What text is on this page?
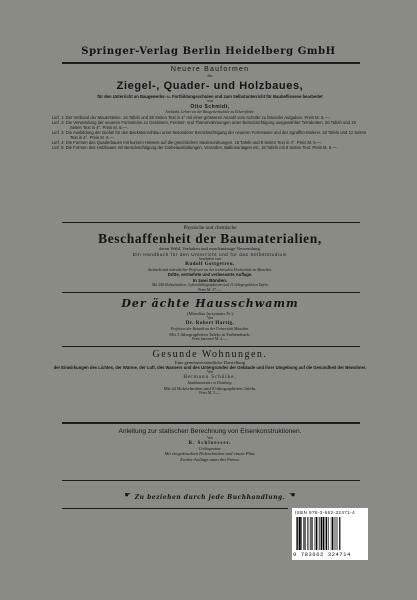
Springer-Verlag Berlin Heidelberg GmbH
Neuere Bauformen
des
Ziegel-, Quader- und Holzbaues,
für den Unterricht an Baugewerks- u. Fortbildungsschulen und zum Selbstunterricht für Baubeflissene bearbeitet
von
Otto Schmidt,
Architekt, Lehrer an der Baugewerkschule zu Eckernförde.
Lief. 1: Der Verband der Mauersteine. 16 Tafeln und 28 Seiten Text in 4° mit einer grösseren Anzahl vom Schüler zu lösender Aufgaben. Preis M. 5.—.
Lief. 2: Die Verwendung der neueren Formsteine zu Gesimsen, Fenster- und Thürumrahmungen unter Berücksichtigung ausgewählter Terrakotten. 20 Tafeln und 19 Seiten Text in 4°. Preis M. 6.—.
Lief. 3: Die Ausbildung der Giebel für den Backsteinrohbau unter besonderer Berücksichtigung der neueren Formsteine und der Sgraffito-Malerei. 18 Tafeln und 12 Seiten Text in 4°. Preis M. 6.—.
Lief. 4: Die Formen des Quaderbaues mit kurzem Hinweis auf die griechischen Säulenordnungen. 18 Tafeln und 8 Seiten Text in 4°. Preis M. 6.—.
Lief. 5: Die Formen des Holzbaues mit Berücksichtigung der Giebelausbildungen, Veranden, Balkonanlagen etc. 18 Tafeln mit 8 Seiten Text. Preis M. 6.—.
Physische und chemische
Beschaffenheit der Baumaterialien,
deren Wahl, Verhalten und zweckmässige Verwendung.
Ein Handbuch für den Unterricht und für das Selbststudium
bearbeitet von
Rudolf Gottgetreu,
Architekt und ordentlicher Professor an der technischen Hochschule zu München.
Dritte, vermehrte und verbesserte Auflage.
In zwei Bänden.
Mit 246 Holzschnitten, 3 photolithographirten und 11 lithographirten Tafeln
Preis M. 27.—.
Der ächte Hausschwamm
(Merulius lacrymans Fr.)
Von
Dr. Robert Hartig,
Professor der Botanik an der Universität München.
Mit 2 lithographirten Tafeln in Farbendruck.
Preis kartonirt M. 4.—.
Gesunde Wohnungen.
Eine gemeinverständliche Darstellung
der Einwirkungen des Lichtes, der Wärme, der Luft, des Wassers und des Untergrundes der Gebäude und ihrer Umgebung auf die Gesundheit der Bewohner.
Von
Hermann Schülke,
Stadtbaumeister in Duisburg.
Mit 44 Holzschnitten und 8 lithographirten Tafeln.
Preis M. 5.—.
Anleitung zur statischen Berechnung von Eisenkonstruktionen.
Von
R. Schloesser.
Civilingenieur.
Mit eingedruckten Holzschnitten und einem Plan.
Zweite Auflage unter der Presse.
☛ Zu beziehen durch jede Buchhandlung. ☛
ISBN 978-3-662-32471-4
9 783662 324714
